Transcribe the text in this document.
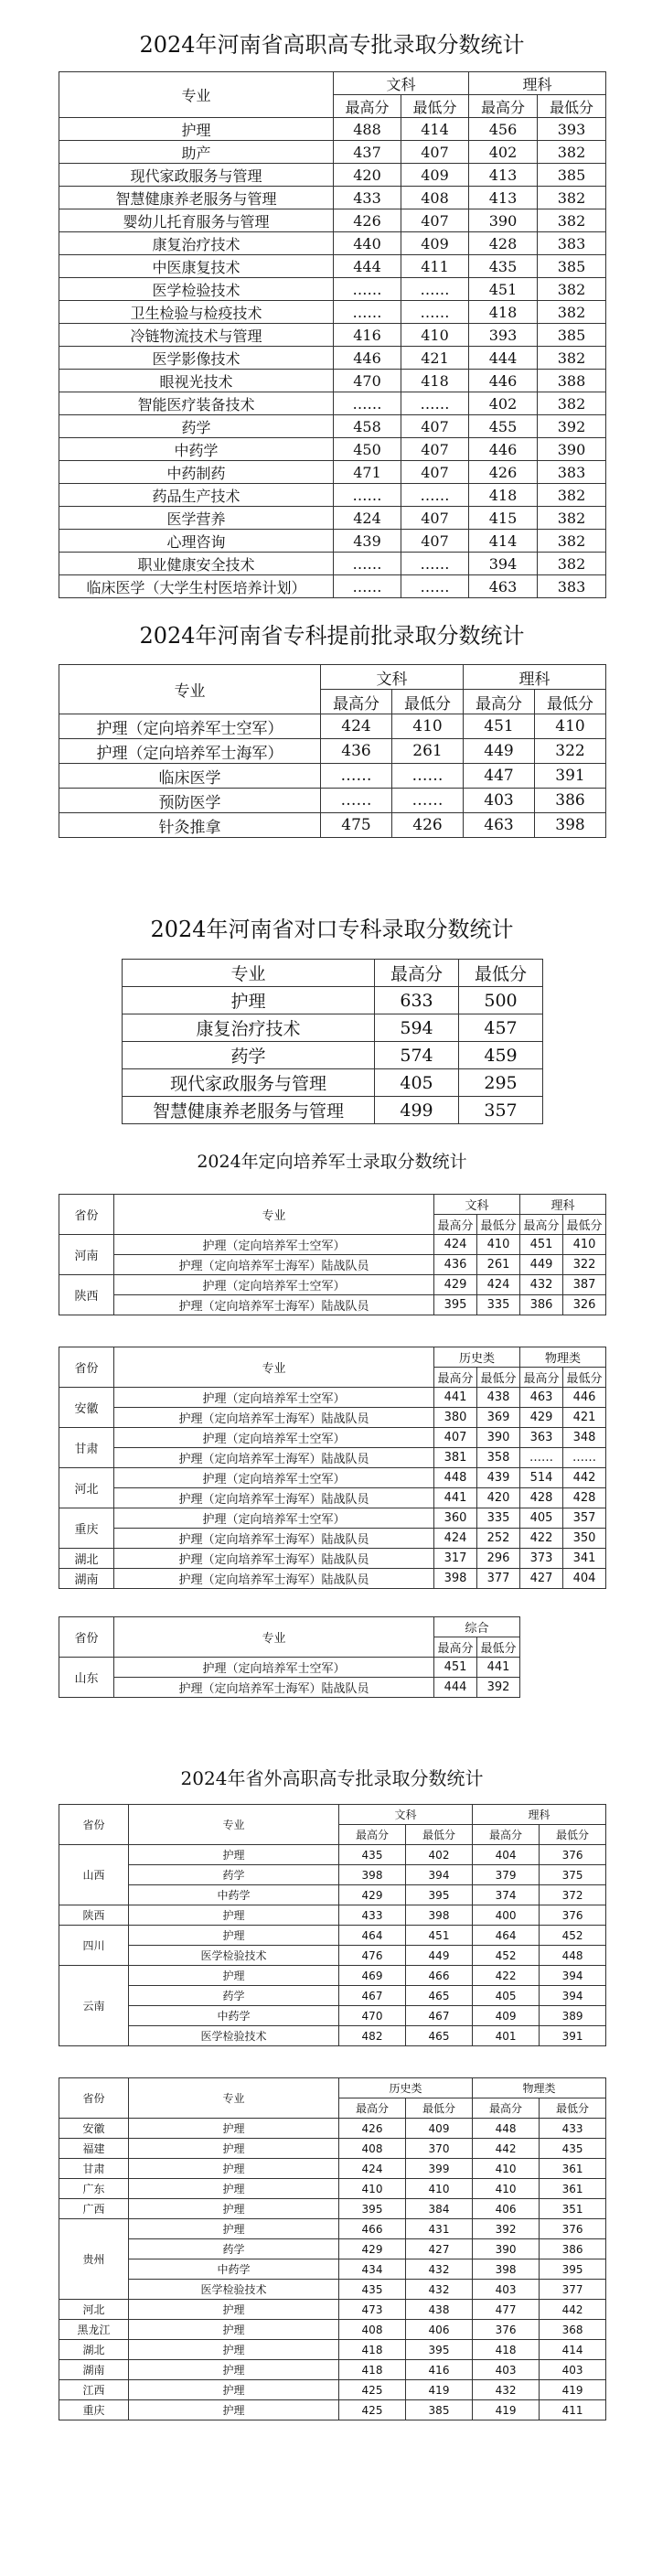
2024年河南省高职高专批录取分数统计
专业	文科		理科	
	最高分	最低分	最高分	最低分
护理	488	414	456	393
助产	437	407	402	382
现代家政服务与管理	420	409	413	385
智慧健康养老服务与管理	433	408	413	382
婴幼儿托育服务与管理	426	407	390	382
康复治疗技术	440	409	428	383
中医康复技术	444	411	435	385
医学检验技术	……	……	451	382
卫生检验与检疫技术	……	……	418	382
冷链物流技术与管理	416	410	393	385
医学影像技术	446	421	444	382
眼视光技术	470	418	446	388
智能医疗装备技术	……	……	402	382
药学	458	407	455	392
中药学	450	407	446	390
中药制药	471	407	426	383
药品生产技术	……	……	418	382
医学营养	424	407	415	382
心理咨询	439	407	414	382
职业健康安全技术	……	……	394	382
临床医学（大学生村医培养计划）	……	……	463	383
2024年河南省专科提前批录取分数统计
专业	文科		理科	
	最高分	最低分	最高分	最低分
护理（定向培养军士空军）	424	410	451	410
护理（定向培养军士海军）	436	261	449	322
临床医学	……	……	447	391
预防医学	……	……	403	386
针灸推拿	475	426	463	398
2024年河南省对口专科录取分数统计
专业	最高分	最低分
护理	633	500
康复治疗技术	594	457
药学	574	459
现代家政服务与管理	405	295
智慧健康养老服务与管理	499	357
2024年定向培养军士录取分数统计
省份	专业	文科		理科	
		最高分	最低分	最高分	最低分
河南	护理（定向培养军士空军）	424	410	451	410
	护理（定向培养军士海军）陆战队员	436	261	449	322
陕西	护理（定向培养军士空军）	429	424	432	387
	护理（定向培养军士海军）陆战队员	395	335	386	326
省份	专业	历史类		物理类	
		最高分	最低分	最高分	最低分
安徽	护理（定向培养军士空军）	441	438	463	446
	护理（定向培养军士海军）陆战队员	380	369	429	421
甘肃	护理（定向培养军士空军）	407	390	363	348
	护理（定向培养军士海军）陆战队员	381	358	……	……
河北	护理（定向培养军士空军）	448	439	514	442
	护理（定向培养军士海军）陆战队员	441	420	428	428
重庆	护理（定向培养军士空军）	360	335	405	357
	护理（定向培养军士海军）陆战队员	424	252	422	350
湖北	护理（定向培养军士海军）陆战队员	317	296	373	341
湖南	护理（定向培养军士海军）陆战队员	398	377	427	404
省份	专业	综合	
		最高分	最低分
山东	护理（定向培养军士空军）	451	441
	护理（定向培养军士海军）陆战队员	444	392
2024年省外高职高专批录取分数统计
省份	专业	文科		理科	
		最高分	最低分	最高分	最低分
山西	护理	435	402	404	376
	药学	398	394	379	375
	中药学	429	395	374	372
陕西	护理	433	398	400	376
四川	护理	464	451	464	452
	医学检验技术	476	449	452	448
云南	护理	469	466	422	394
	药学	467	465	405	394
	中药学	470	467	409	389
	医学检验技术	482	465	401	391
省份	专业	历史类		物理类	
		最高分	最低分	最高分	最低分
安徽	护理	426	409	448	433
福建	护理	408	370	442	435
甘肃	护理	424	399	410	361
广东	护理	410	410	410	361
广西	护理	395	384	406	351
贵州	护理	466	431	392	376
	药学	429	427	390	386
	中药学	434	432	398	395
	医学检验技术	435	432	403	377
河北	护理	473	438	477	442
黑龙江	护理	408	406	376	368
湖北	护理	418	395	418	414
湖南	护理	418	416	403	403
江西	护理	425	419	432	419
重庆	护理	425	385	419	411
